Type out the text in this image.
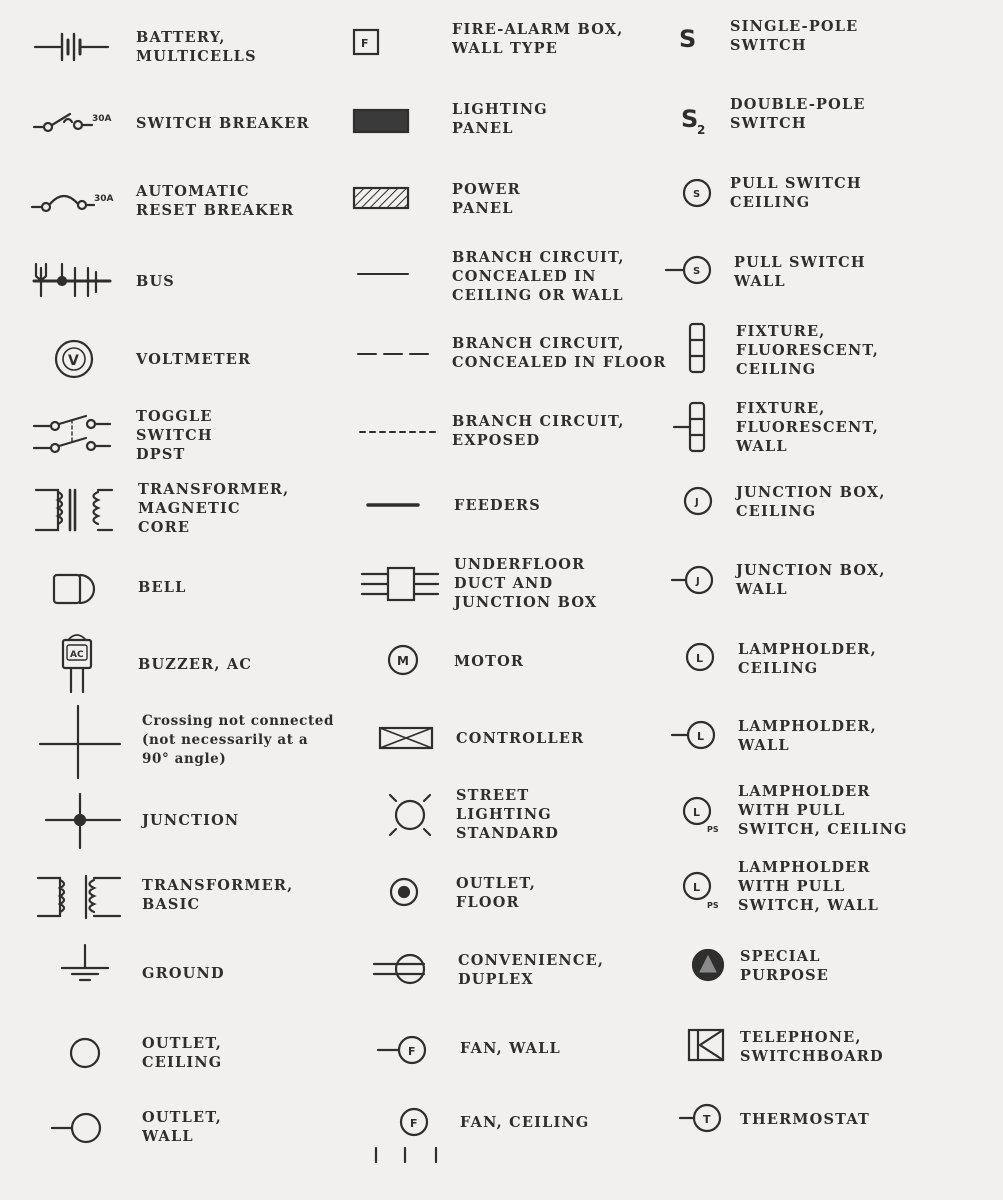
30A
30A
V
AC
F
M
F
F
S
S
2
S
S
J
J
L
L
L
PS
L
PS
T

BATTERY,
MULTICELLS

SWITCH BREAKER

AUTOMATIC
RESET BREAKER

BUS

VOLTMETER

TOGGLE
SWITCH
DPST

TRANSFORMER,
MAGNETIC
CORE

BELL

BUZZER, AC

Crossing not connected
(not necessarily at a
90° angle)

JUNCTION

TRANSFORMER,
BASIC

GROUND

OUTLET,
CEILING

OUTLET,
WALL

FIRE-ALARM BOX,
WALL TYPE

LIGHTING
PANEL

POWER
PANEL

BRANCH CIRCUIT,
CONCEALED IN
CEILING OR WALL

BRANCH CIRCUIT,
CONCEALED IN FLOOR

BRANCH CIRCUIT,
EXPOSED

FEEDERS

UNDERFLOOR
DUCT AND
JUNCTION BOX

MOTOR

CONTROLLER

STREET
LIGHTING
STANDARD

OUTLET,
FLOOR

CONVENIENCE,
DUPLEX

FAN, WALL

FAN, CEILING

SINGLE-POLE
SWITCH

DOUBLE-POLE
SWITCH

PULL SWITCH
CEILING

PULL SWITCH
WALL

FIXTURE,
FLUORESCENT,
CEILING

FIXTURE,
FLUORESCENT,
WALL

JUNCTION BOX,
CEILING

JUNCTION BOX,
WALL

LAMPHOLDER,
CEILING

LAMPHOLDER,
WALL

LAMPHOLDER
WITH PULL
SWITCH, CEILING

LAMPHOLDER
WITH PULL
SWITCH, WALL

SPECIAL
PURPOSE

TELEPHONE,
SWITCHBOARD

THERMOSTAT
